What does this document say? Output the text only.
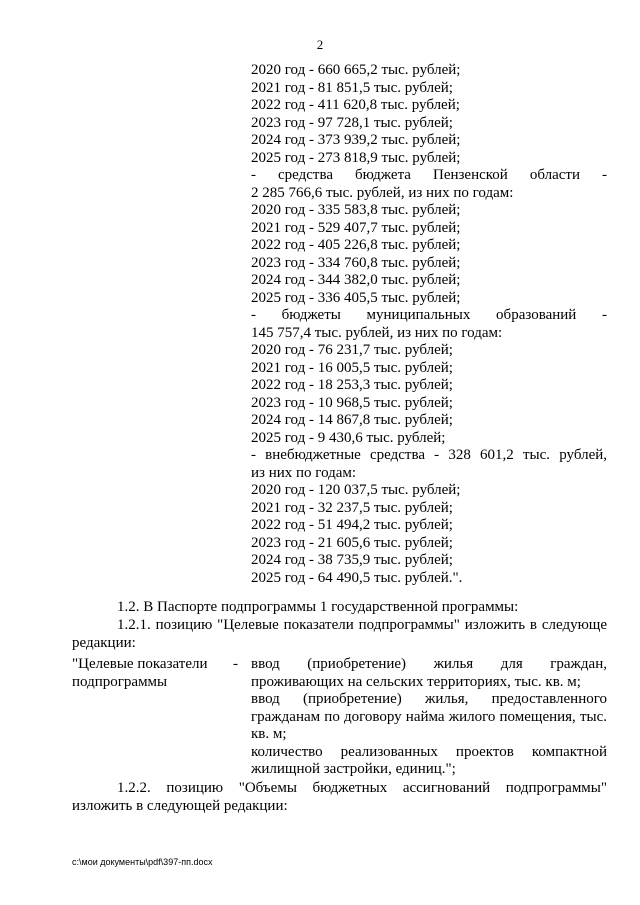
2
2020 год - 660 665,2 тыс. рублей;
2021 год - 81 851,5 тыс. рублей;
2022 год - 411 620,8 тыс. рублей;
2023 год - 97 728,1 тыс. рублей;
2024 год - 373 939,2 тыс. рублей;
2025 год - 273 818,9 тыс. рублей;
- средства бюджета Пензенской области -
2 285 766,6 тыс. рублей, из них по годам:
2020 год - 335 583,8 тыс. рублей;
2021 год - 529 407,7 тыс. рублей;
2022 год - 405 226,8 тыс. рублей;
2023 год - 334 760,8 тыс. рублей;
2024 год - 344 382,0 тыс. рублей;
2025 год - 336 405,5 тыс. рублей;
- бюджеты муниципальных образований -
145 757,4 тыс. рублей, из них по годам:
2020 год - 76 231,7 тыс. рублей;
2021 год - 16 005,5 тыс. рублей;
2022 год - 18 253,3 тыс. рублей;
2023 год - 10 968,5 тыс. рублей;
2024 год - 14 867,8 тыс. рублей;
2025 год - 9 430,6 тыс. рублей;
- внебюджетные средства - 328 601,2 тыс. рублей,
из них по годам:
2020 год - 120 037,5 тыс. рублей;
2021 год - 32 237,5 тыс. рублей;
2022 год - 51 494,2 тыс. рублей;
2023 год - 21 605,6 тыс. рублей;
2024 год - 38 735,9 тыс. рублей;
2025 год - 64 490,5 тыс. рублей.".
1.2. В Паспорте подпрограммы 1 государственной программы:
1.2.1. позицию "Целевые показатели подпрограммы" изложить в следующе редакции:
"Целевые показатели подпрограммы
- ввод (приобретение) жилья для граждан, проживающих на сельских территориях, тыс. кв. м;
ввод (приобретение) жилья, предоставленного гражданам по договору найма жилого помещения, тыс. кв. м;
количество реализованных проектов компактной жилищной застройки, единиц.";
1.2.2. позицию "Объемы бюджетных ассигнований подпрограммы" изложить в следующей редакции:
c:\мои документы\pdf\397-пп.docx
